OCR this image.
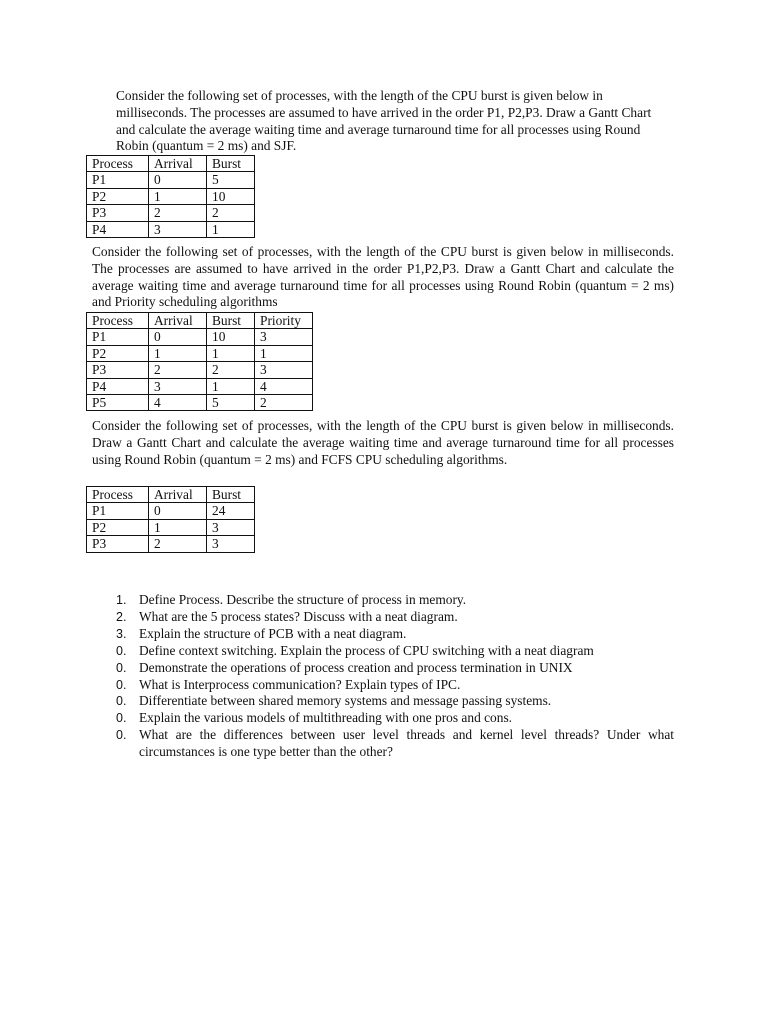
Consider the following set of processes, with the length of the CPU burst is given below in milliseconds. The processes are assumed to have arrived in the order P1, P2,P3. Draw a Gantt Chart and calculate the average waiting time and average turnaround time for all processes using Round Robin (quantum = 2 ms) and SJF.

Process	Arrival	Burst
P1	0	5
P2	1	10
P3	2	2
P4	3	1

Consider the following set of processes, with the length of the CPU burst is given below in milliseconds. The processes are assumed to have arrived in the order P1,P2,P3. Draw a Gantt Chart and calculate the average waiting time and average turnaround time for all processes using Round Robin (quantum = 2 ms) and Priority scheduling algorithms

Process	Arrival	Burst	Priority
P1	0	10	3
P2	1	1	1
P3	2	2	3
P4	3	1	4
P5	4	5	2

Consider the following set of processes, with the length of the CPU burst is given below in milliseconds. Draw a Gantt Chart and calculate the average waiting time and average turnaround time for all processes using Round Robin (quantum = 2 ms) and FCFS CPU scheduling algorithms.

Process	Arrival	Burst
P1	0	24
P2	1	3
P3	2	3
1. Define Process. Describe the structure of process in memory.
2. What are the 5 process states? Discuss with a neat diagram.
3. Explain the structure of PCB with a neat diagram.
0. Define context switching. Explain the process of CPU switching with a neat diagram
0. Demonstrate the operations of process creation and process termination in UNIX
0. What is Interprocess communication? Explain types of IPC.
0. Differentiate between shared memory systems and message passing systems.
0. Explain the various models of multithreading with one pros and cons.
0. What are the differences between user level threads and kernel level threads? Under what circumstances is one type better than the other?
